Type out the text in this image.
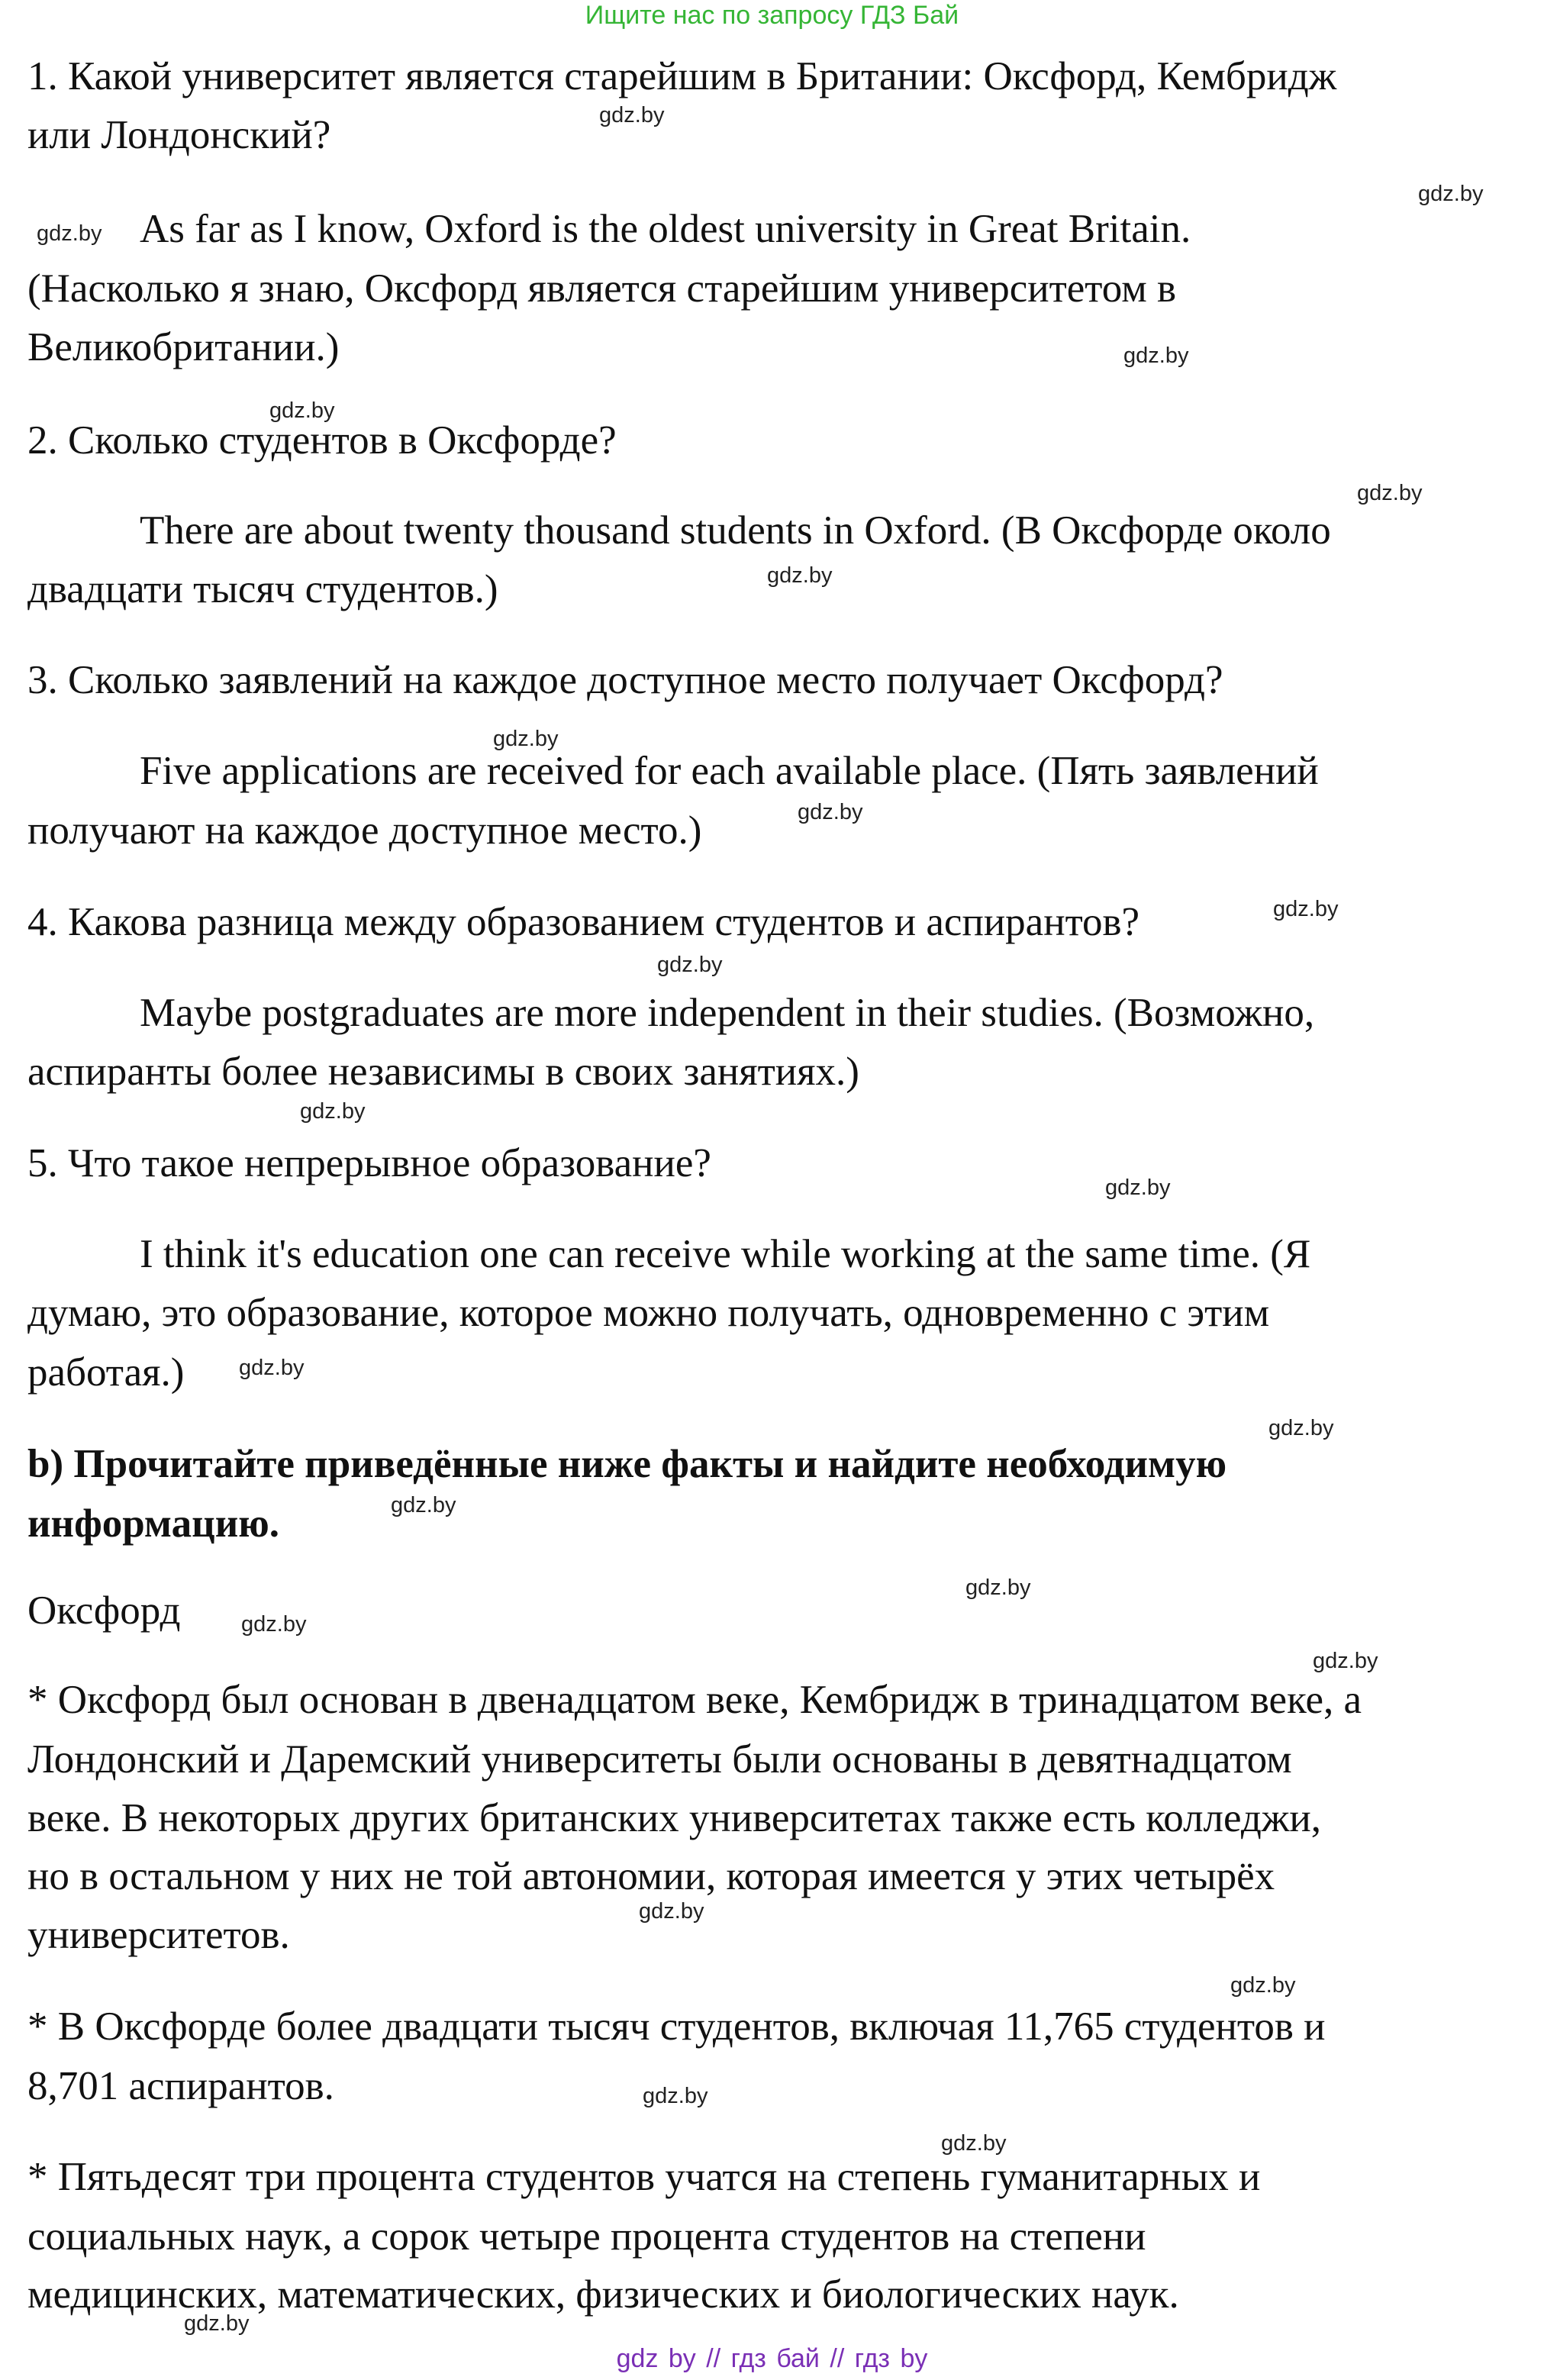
Ищите нас по запросу ГДЗ Бай

1. Какой университет является старейшим в Британии: Оксфорд, Кембридж

или Лондонский?

As far as I know, Oxford is the oldest university in Great Britain.

(Насколько я знаю, Оксфорд является старейшим университетом в

Великобритании.)

2. Сколько студентов в Оксфорде?

There are about twenty thousand students in Oxford. (В Оксфорде около

двадцати тысяч студентов.)

3. Сколько заявлений на каждое доступное место получает Оксфорд?

Five applications are received for each available place. (Пять заявлений

получают на каждое доступное место.)

4. Какова разница между образованием студентов и аспирантов?

Maybe postgraduates are more independent in their studies. (Возможно,

аспиранты более независимы в своих занятиях.)

5. Что такое непрерывное образование?

I think it's education one can receive while working at the same time. (Я

думаю, это образование, которое можно получать, одновременно с этим

работая.)

b) Прочитайте приведённые ниже факты и найдите необходимую

информацию.

Оксфорд

* Оксфорд был основан в двенадцатом веке, Кембридж в тринадцатом веке, а

Лондонский и Даремский университеты были основаны в девятнадцатом

веке. В некоторых других британских университетах также есть колледжи,

но в остальном у них не той автономии, которая имеется у этих четырёх

университетов.

* В Оксфорде более двадцати тысяч студентов, включая 11,765 студентов и

8,701 аспирантов.

* Пятьдесят три процента студентов учатся на степень гуманитарных и

социальных наук, а сорок четыре процента студентов на степени

медицинских, математических, физических и биологических наук.

gdz.by
gdz.by
gdz.by
gdz.by
gdz.by
gdz.by
gdz.by
gdz.by
gdz.by
gdz.by
gdz.by
gdz.by
gdz.by
gdz.by
gdz.by
gdz.by
gdz.by
gdz.by
gdz.by
gdz.by
gdz.by
gdz.by
gdz.by
gdz.by
gdz by // гдз бай // гдз by
